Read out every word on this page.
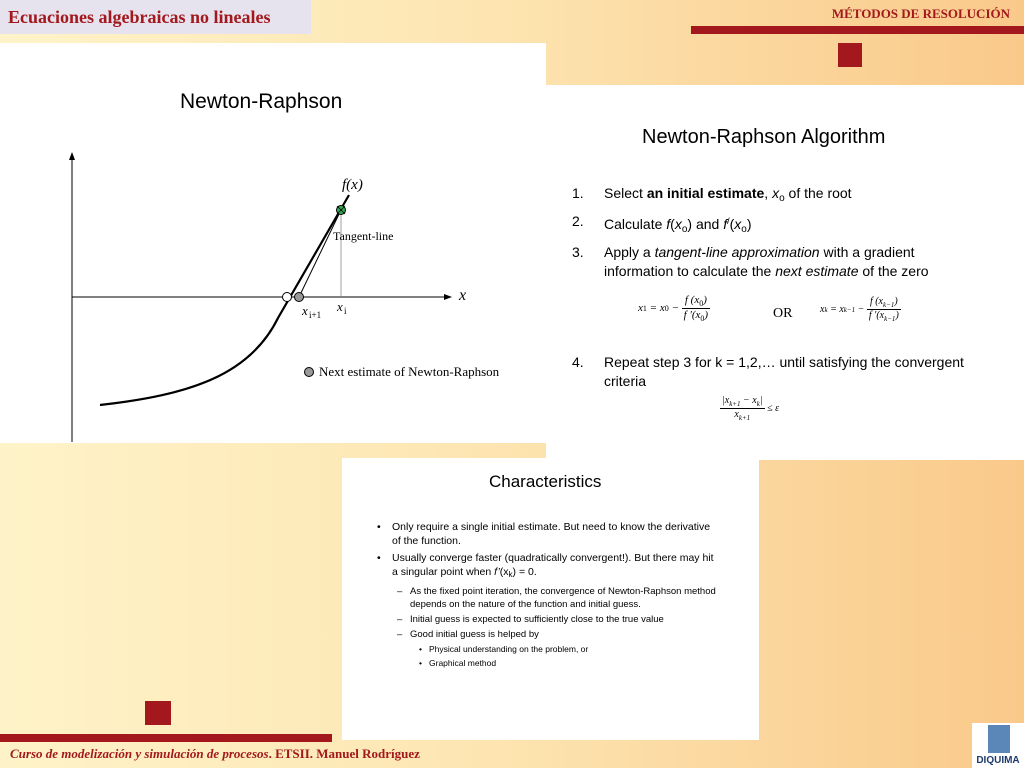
Ecuaciones algebraicas no lineales	MÉTODOS DE RESOLUCIÓN
Newton-Raphson
f(x)
Tangent-line
x
x i
x i+1
Next estimate of Newton-Raphson
Newton-Raphson Algorithm
1. Select an initial estimate, $x_o$ of the root
2. Calculate $f(x_o)$ and $f^/(x_o)$
3. Apply a tangent-line approximation with a gradient information to calculate the next estimate of the zero
4. Repeat step 3 for k = 1,2,… until satisfying the convergent criteria
$x1 = x0 - \frac{f (x_0)}{f '(x_0)}$	OR	xk = $xk-1 - \frac{f (x_{k-1})}{f '(x_{k-1})}$
$\frac{|x_{k+1} - x_k|}{x_{k+1}} \le \varepsilon$
Characteristics
• Only require a single initial estimate. But need to know the derivative of the function.
• Usually converge faster (quadratically convergent!). But there may hit a singular point when f’(xk) = 0.
– As the fixed point iteration, the convergence of Newton-Raphson method depends on the nature of the function and initial guess.
– Initial guess is expected to sufficiently close to the true value
– Good initial guess is helped by
• Physical understanding on the problem, or
• Graphical method
Curso de modelización y simulación de procesos. ETSII. Manuel Rodríguez	DIQUIMA
